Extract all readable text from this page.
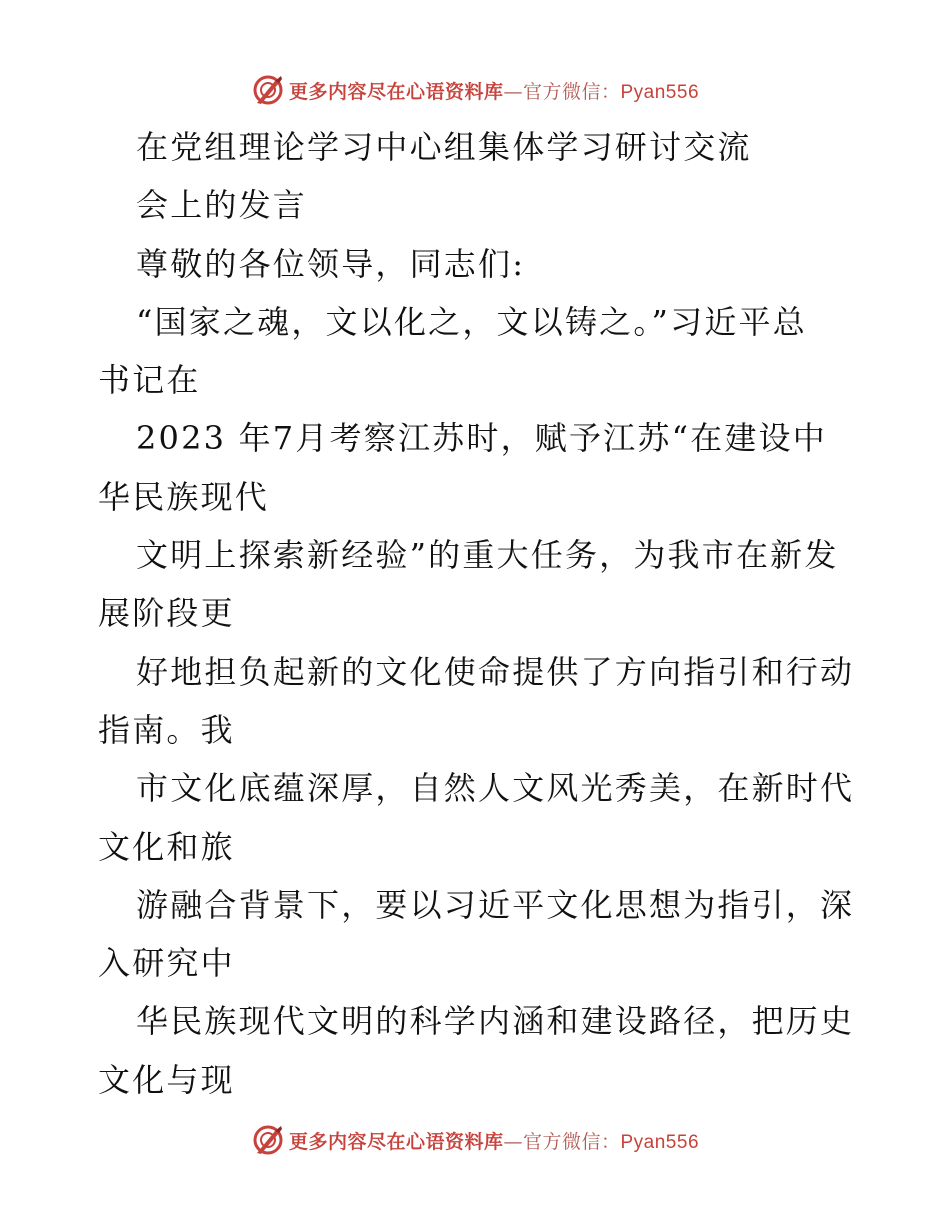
更多内容尽在心语资料库—官方微信：Pyan556
在党组理论学习中心组集体学习研讨交流
会上的发言
尊敬的各位领导，同志们:
“国家之魂，文以化之，文以铸之。”习近平总
书记在
2023 年7月考察江苏时，赋予江苏“在建设中
华民族现代
文明上探索新经验”的重大任务，为我市在新发
展阶段更
好地担负起新的文化使命提供了方向指引和行动
指南。我
市文化底蕴深厚，自然人文风光秀美，在新时代
文化和旅
游融合背景下，要以习近平文化思想为指引，深
入研究中
华民族现代文明的科学内涵和建设路径，把历史
文化与现
更多内容尽在心语资料库—官方微信：Pyan556
